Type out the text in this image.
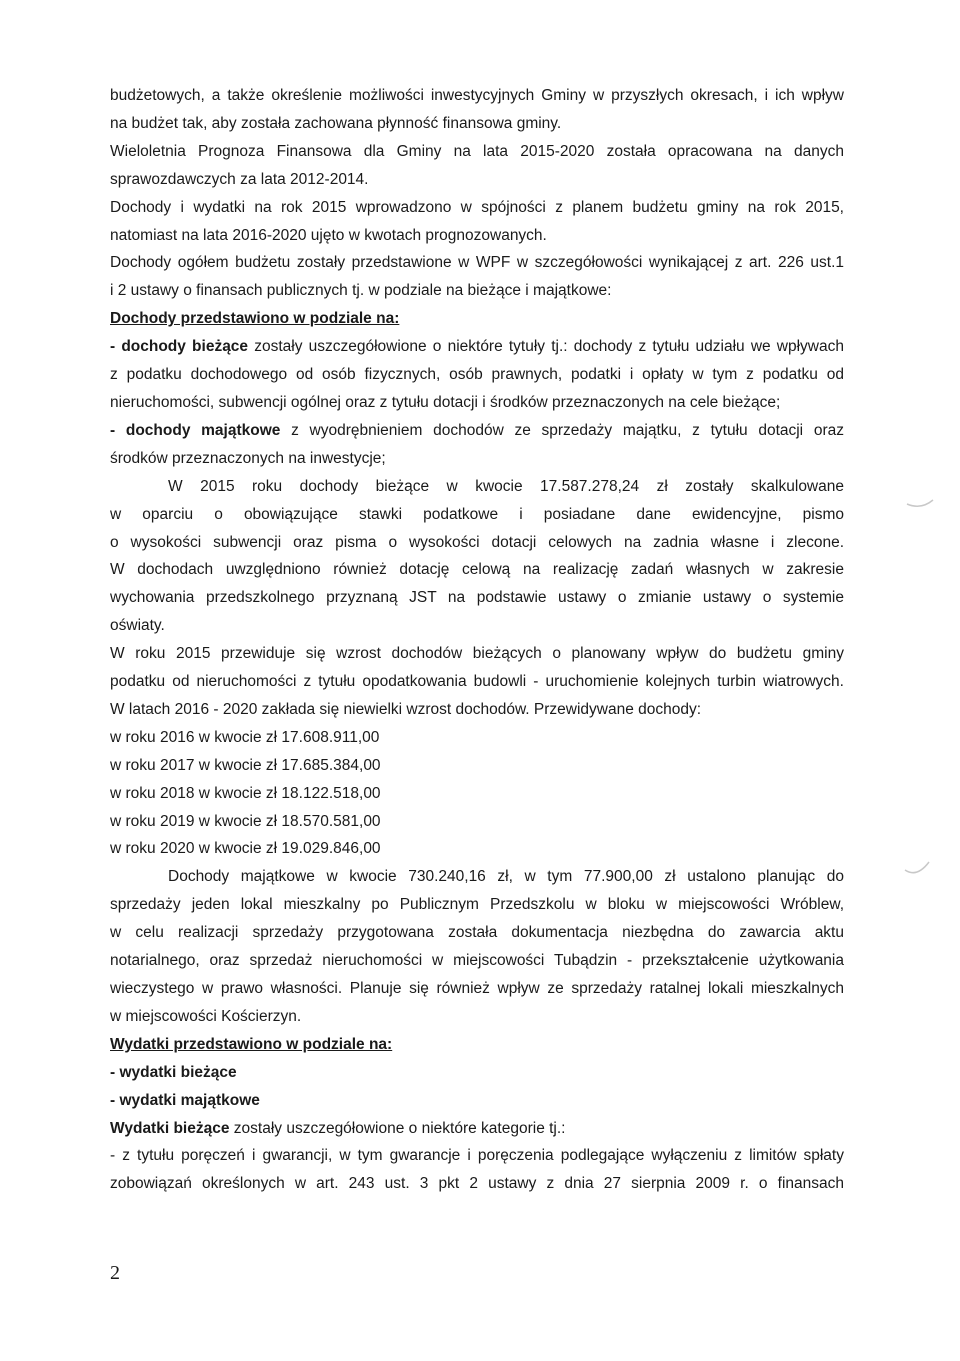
budżetowych, a także określenie możliwości inwestycyjnych Gminy w przyszłych okresach, i ich wpływ

na budżet tak, aby została zachowana płynność finansowa gminy.

Wieloletnia Prognoza Finansowa dla Gminy na lata 2015-2020 została opracowana na danych

sprawozdawczych za lata 2012-2014.

Dochody i wydatki na rok 2015 wprowadzono w spójności z planem budżetu gminy na rok 2015,

natomiast na lata 2016-2020 ujęto w kwotach prognozowanych.

Dochody ogółem budżetu zostały przedstawione w WPF w szczegółowości wynikającej z art. 226 ust.1

i 2 ustawy o finansach publicznych tj. w podziale na bieżące i majątkowe:

Dochody przedstawiono w podziale na:

- dochody bieżące zostały uszczegółowione o niektóre tytuły tj.: dochody z tytułu udziału we wpływach

z podatku dochodowego od osób fizycznych, osób prawnych, podatki i opłaty w tym z podatku od

nieruchomości, subwencji ogólnej oraz z tytułu dotacji i środków przeznaczonych na cele bieżące;

- dochody majątkowe z wyodrębnieniem dochodów ze sprzedaży majątku, z tytułu dotacji oraz

środków przeznaczonych na inwestycje;

W 2015 roku dochody bieżące w kwocie 17.587.278,24 zł zostały skalkulowane

w oparciu o obowiązujące stawki podatkowe i posiadane dane ewidencyjne, pismo

o wysokości subwencji oraz pisma o wysokości dotacji celowych na zadnia własne i zlecone.

W dochodach uwzględniono również dotację celową na realizację zadań własnych w zakresie

wychowania przedszkolnego przyznaną JST na podstawie ustawy o zmianie ustawy o systemie

oświaty.

W roku 2015 przewiduje się wzrost dochodów bieżących o planowany wpływ do budżetu gminy

podatku od nieruchomości z tytułu opodatkowania budowli - uruchomienie kolejnych turbin wiatrowych.

W latach 2016 - 2020 zakłada się niewielki wzrost dochodów. Przewidywane dochody:

w roku 2016 w kwocie zł 17.608.911,00

w roku 2017 w kwocie zł 17.685.384,00

w roku 2018 w kwocie zł 18.122.518,00

w roku 2019 w kwocie zł 18.570.581,00

w roku 2020 w kwocie zł 19.029.846,00

Dochody majątkowe w kwocie 730.240,16 zł, w tym 77.900,00 zł ustalono planując do

sprzedaży jeden lokal mieszkalny po Publicznym Przedszkolu w bloku w miejscowości Wróblew,

w celu realizacji sprzedaży przygotowana została dokumentacja niezbędna do zawarcia aktu

notarialnego, oraz sprzedaż nieruchomości w miejscowości Tubądzin - przekształcenie użytkowania

wieczystego w prawo własności. Planuje się również wpływ ze sprzedaży ratalnej lokali mieszkalnych

w miejscowości Kościerzyn.

Wydatki przedstawiono w podziale na:

- wydatki bieżące

- wydatki majątkowe

Wydatki bieżące zostały uszczegółowione o niektóre kategorie tj.:

- z tytułu poręczeń i gwarancji, w tym gwarancje i poręczenia podlegające wyłączeniu z limitów spłaty

zobowiązań określonych w art. 243 ust. 3 pkt 2 ustawy z dnia 27 sierpnia 2009 r. o finansach

2
